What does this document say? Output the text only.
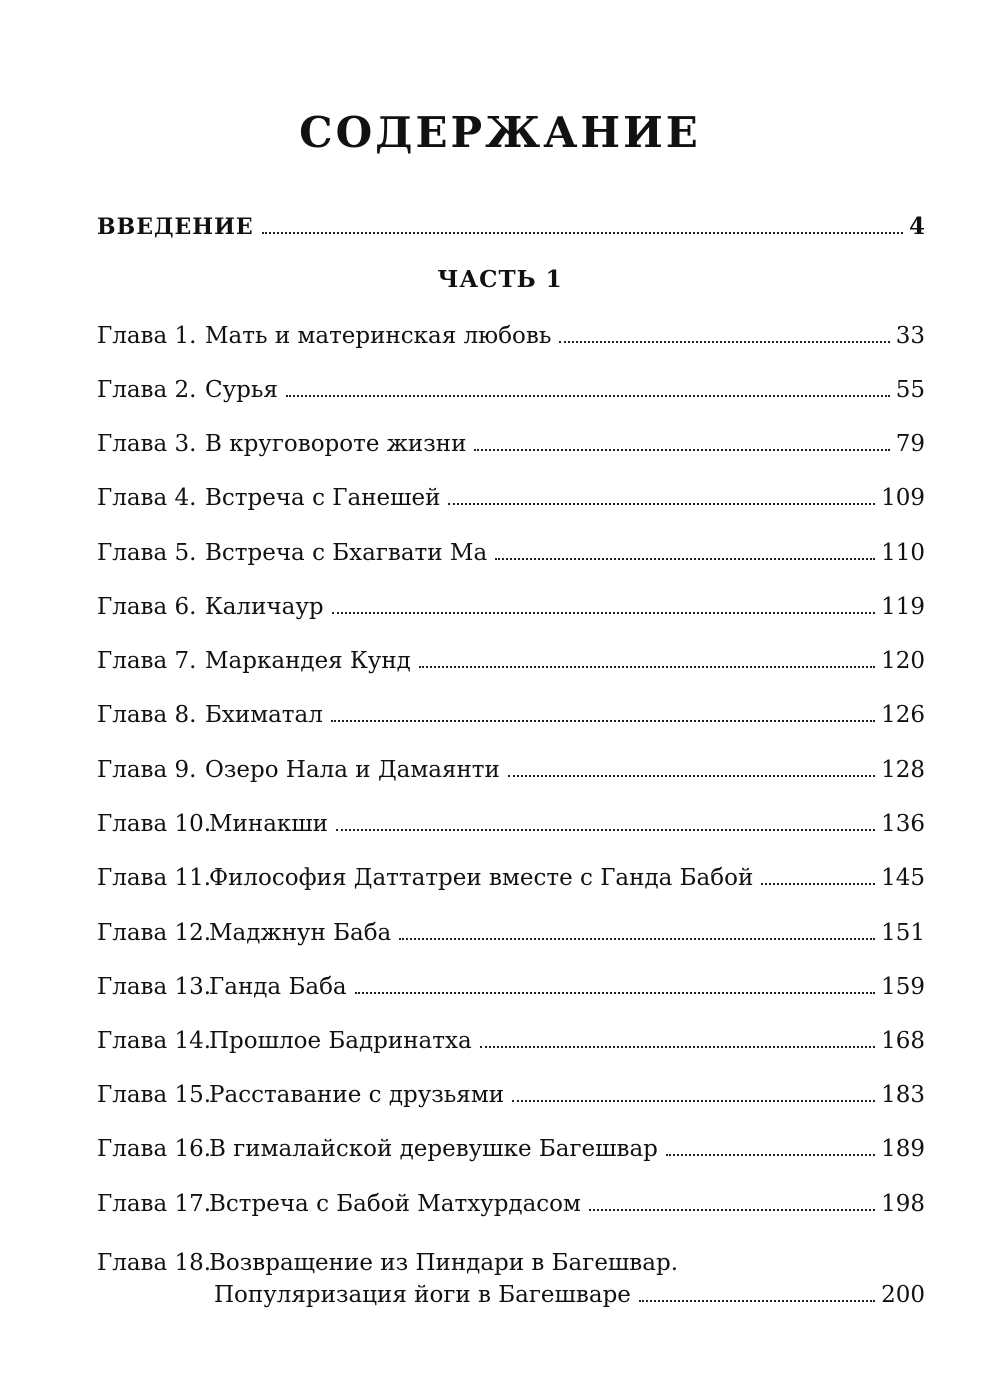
СОДЕРЖАНИЕ
ВВЕДЕНИЕ	4
ЧАСТЬ 1
Глава 1. Мать и материнская любовь	33
Глава 2. Сурья	55
Глава 3. В круговороте жизни	79
Глава 4. Встреча с Ганешей	109
Глава 5. Встреча с Бхагвати Ма	110
Глава 6. Каличаур	119
Глава 7. Маркандея Кунд	120
Глава 8. Бхиматал	126
Глава 9. Озеро Нала и Дамаянти	128
Глава 10.Минакши	136
Глава 11.Философия Даттатреи вместе с Ганда Бабой	145
Глава 12.Маджнун Баба	151
Глава 13.Ганда Баба	159
Глава 14.Прошлое Бадринатха	168
Глава 15.Расставание с друзьями	183
Глава 16.В гималайской деревушке Багешвар	189
Глава 17.Встреча с Бабой Матхурдасом	198
Глава 18.Возвращение из Пиндари в Багешвар.
Популяризация йоги в Багешваре	200
